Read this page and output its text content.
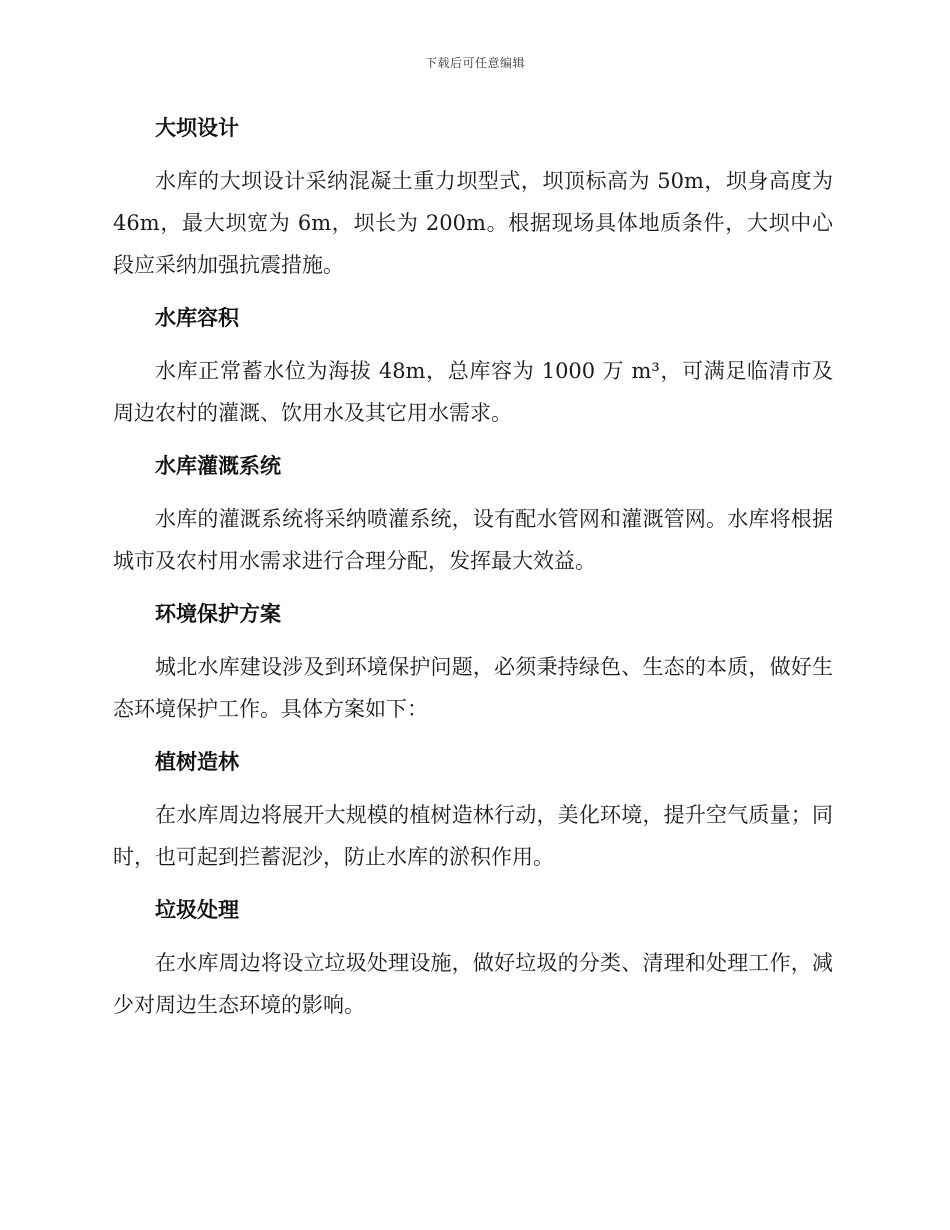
下载后可任意编辑
大坝设计

水库的大坝设计采纳混凝土重力坝型式，坝顶标高为 50m，坝身高度为 46m，最大坝宽为 6m，坝长为 200m。根据现场具体地质条件，大坝中心段应采纳加强抗震措施。

水库容积

水库正常蓄水位为海拔 48m，总库容为 1000 万 m³，可满足临清市及周边农村的灌溉、饮用水及其它用水需求。

水库灌溉系统

水库的灌溉系统将采纳喷灌系统，设有配水管网和灌溉管网。水库将根据城市及农村用水需求进行合理分配，发挥最大效益。

环境保护方案

城北水库建设涉及到环境保护问题，必须秉持绿色、生态的本质，做好生态环境保护工作。具体方案如下：

植树造林

在水库周边将展开大规模的植树造林行动，美化环境，提升空气质量；同时，也可起到拦蓄泥沙，防止水库的淤积作用。

垃圾处理

在水库周边将设立垃圾处理设施，做好垃圾的分类、清理和处理工作，减少对周边生态环境的影响。
